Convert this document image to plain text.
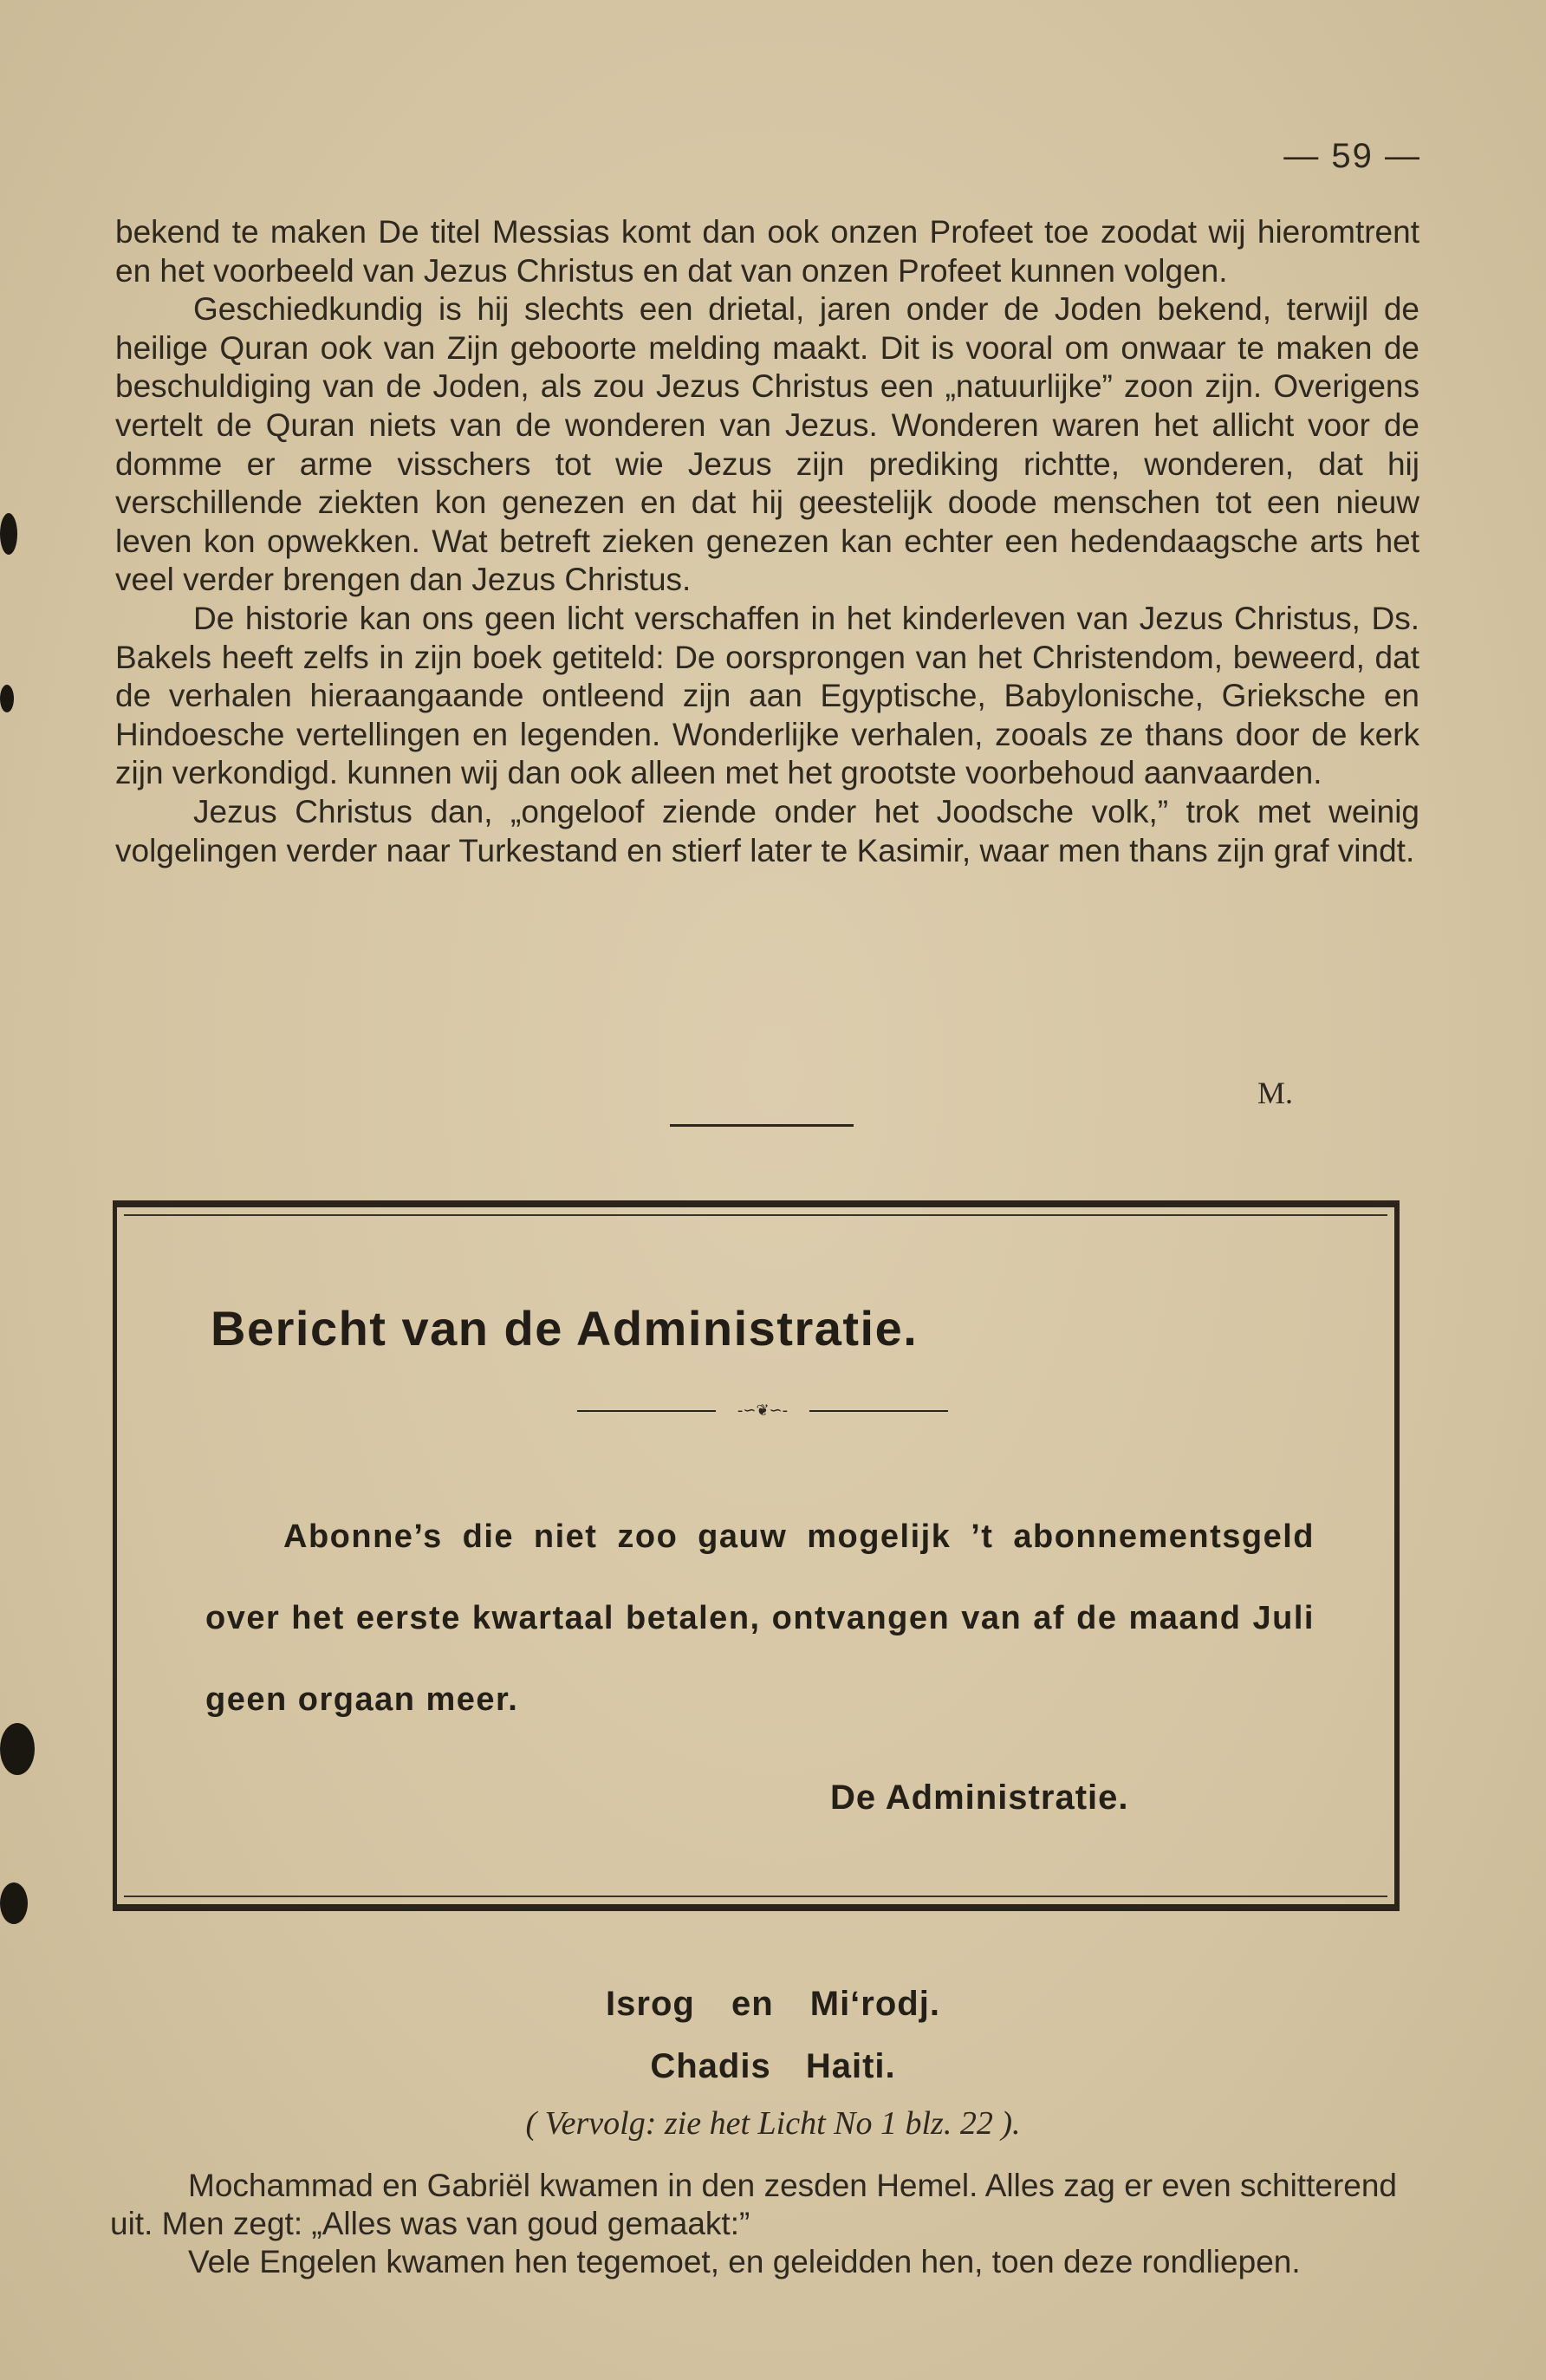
— 59 —

bekend te maken De titel Messias komt dan ook onzen Profeet toe zoodat wij hieromtrent en het voorbeeld van Jezus Christus en dat van onzen Profeet kunnen volgen.

Geschiedkundig is hij slechts een drietal, jaren onder de Joden bekend, terwijl de heilige Quran ook van Zijn geboorte melding maakt. Dit is vooral om onwaar te maken de beschuldiging van de Joden, als zou Jezus Christus een „natuurlijke” zoon zijn. Overigens vertelt de Quran niets van de wonderen van Jezus. Wonderen waren het allicht voor de domme er arme visschers tot wie Jezus zijn prediking richtte, wonderen, dat hij verschillende ziekten kon genezen en dat hij geestelijk doode menschen tot een nieuw leven kon opwekken. Wat betreft zieken genezen kan echter een hedendaagsche arts het veel verder brengen dan Jezus Christus.

De historie kan ons geen licht verschaffen in het kinderleven van Jezus Christus, Ds. Bakels heeft zelfs in zijn boek getiteld: De oorsprongen van het Christendom, beweerd, dat de verhalen hieraangaande ontleend zijn aan Egyptische, Babylonische, Grieksche en Hindoesche vertellingen en legenden. Wonderlijke verhalen, zooals ze thans door de kerk zijn verkondigd. kunnen wij dan ook alleen met het grootste voorbehoud aanvaarden.

Jezus Christus dan, „ongeloof ziende onder het Joodsche volk,” trok met weinig volgelingen verder naar Turkestand en stierf later te Kasimir, waar men thans zijn graf vindt.

M.
Bericht van de Administratie.
-∽❦∽-
Abonne’s die niet zoo gauw mogelijk ’t abonnementsgeld over het eerste kwartaal betalen, ontvangen van af de maand Juli geen orgaan meer.
De Administratie.
Isrog en Mi‘rodj.
Chadis Haiti.
( Vervolg: zie het Licht No 1 blz. 22 ).

Mochammad en Gabriël kwamen in den zesden Hemel. Alles zag er even schitterend uit. Men zegt: „Alles was van goud gemaakt:”

Vele Engelen kwamen hen tegemoet, en geleidden hen, toen deze rondliepen.
